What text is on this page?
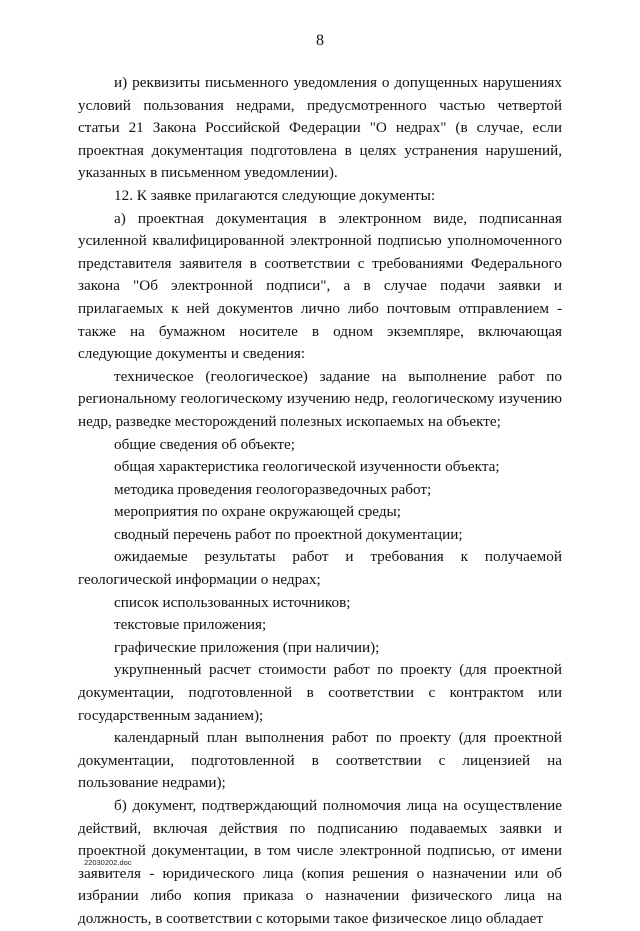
8

и) реквизиты письменного уведомления о допущенных нарушениях условий пользования недрами, предусмотренного частью четвертой статьи 21 Закона Российской Федерации "О недрах" (в случае, если проектная документация подготовлена в целях устранения нарушений, указанных в письменном уведомлении).

12. К заявке прилагаются следующие документы:

а) проектная документация в электронном виде, подписанная усиленной квалифицированной электронной подписью уполномоченного представителя заявителя в соответствии с требованиями Федерального закона "Об электронной подписи", а в случае подачи заявки и прилагаемых к ней документов лично либо почтовым отправлением - также на бумажном носителе в одном экземпляре, включающая следующие документы и сведения:

техническое (геологическое) задание на выполнение работ по региональному геологическому изучению недр, геологическому изучению недр, разведке месторождений полезных ископаемых на объекте;

общие сведения об объекте;

общая характеристика геологической изученности объекта;

методика проведения геологоразведочных работ;

мероприятия по охране окружающей среды;

сводный перечень работ по проектной документации;

ожидаемые результаты работ и требования к получаемой геологической информации о недрах;

список использованных источников;

текстовые приложения;

графические приложения (при наличии);

укрупненный расчет стоимости работ по проекту (для проектной документации, подготовленной в соответствии с контрактом или государственным заданием);

календарный план выполнения работ по проекту (для проектной документации, подготовленной в соответствии с лицензией на пользование недрами);

б) документ, подтверждающий полномочия лица на осуществление действий, включая действия по подписанию подаваемых заявки и проектной документации, в том числе электронной подписью, от имени заявителя - юридического лица (копия решения о назначении или об избрании либо копия приказа о назначении физического лица на должность, в соответствии с которыми такое физическое лицо обладает

22030202.doc
